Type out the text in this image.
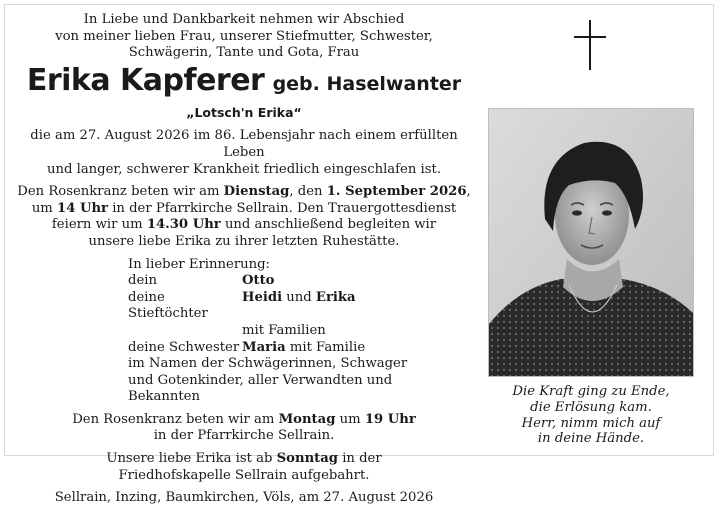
In Liebe und Dankbarkeit nehmen wir Abschied
von meiner lieben Frau, unserer Stiefmutter, Schwester,
Schwägerin, Tante und Gota, Frau

Erika Kapferer geb. Haselwanter
„Lotsch'n Erika“

die am 27. August 2026 im 86. Lebensjahr nach einem erfüllten Leben
und langer, schwerer Krankheit friedlich eingeschlafen ist.

Den Rosenkranz beten wir am Dienstag, den 1. September 2026,
um 14 Uhr in der Pfarrkirche Sellrain. Den Trauergottesdienst
feiern wir um 14.30 Uhr und anschließend begleiten wir
unsere liebe Erika zu ihrer letzten Ruhestätte.

In lieber Erinnerung:
dein	Otto
deine Stieftöchter
Heidi und Erika
mit Familien
deine Schwester Maria mit Familie
im Namen der Schwägerinnen, Schwager
und Gotenkinder, aller Verwandten und Bekannten

Den Rosenkranz beten wir am Montag um 19 Uhr
in der Pfarrkirche Sellrain.

Unsere liebe Erika ist ab Sonntag in der
Friedhofskapelle Sellrain aufgebahrt.

Sellrain, Inzing, Baumkirchen, Völs, am 27. August 2026

Die Kraft ging zu Ende,
die Erlösung kam.
Herr, nimm mich auf
in deine Hände.
